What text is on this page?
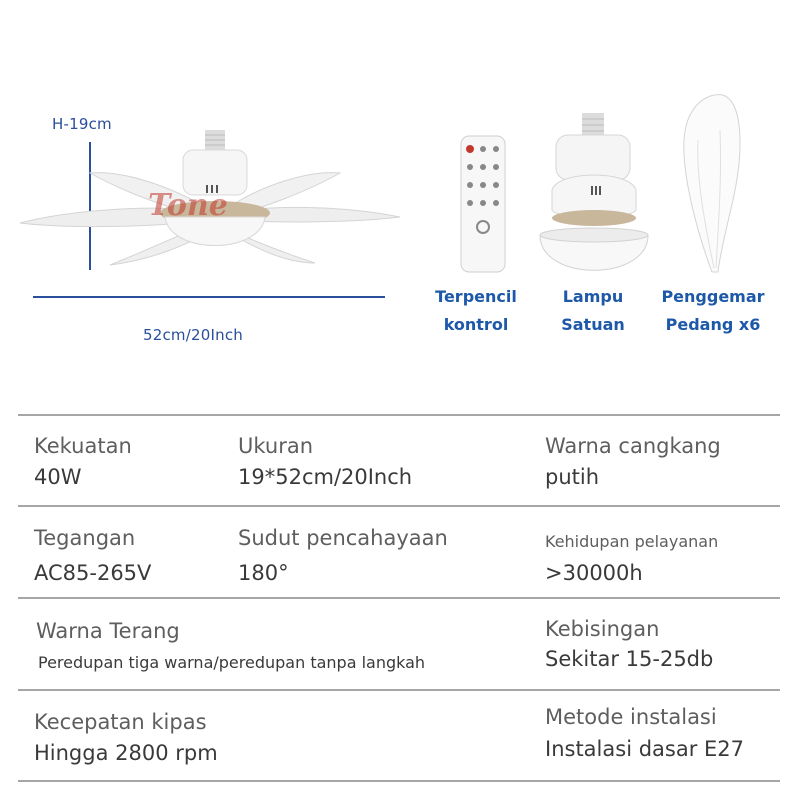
H-19cm
52cm/20Inch
Tone
Terpencil
kontrol
Lampu
Satuan
Penggemar
Pedang x6
Kekuatan
40W
Ukuran
19*52cm/20Inch
Warna cangkang
putih
Tegangan
AC85-265V
Sudut pencahayaan
180°
Kehidupan pelayanan
>30000h
Warna Terang
Peredupan tiga warna/peredupan tanpa langkah
Kebisingan
Sekitar 15-25db
Kecepatan kipas
Hingga 2800 rpm
Metode instalasi
Instalasi dasar E27
